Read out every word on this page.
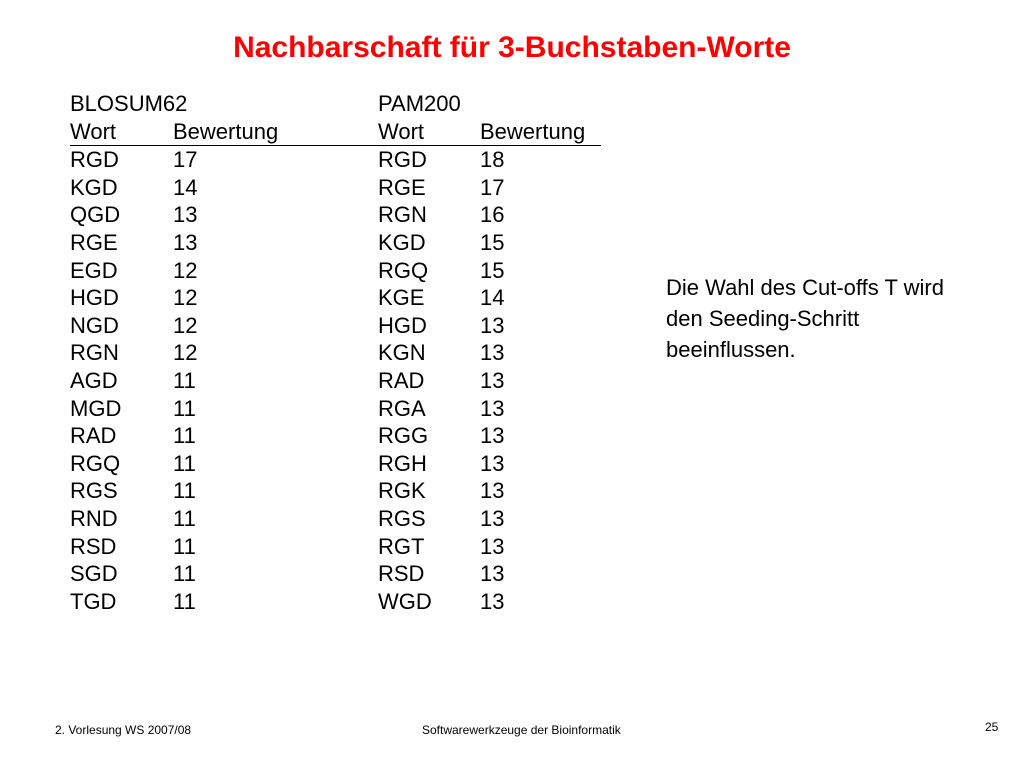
Nachbarschaft für 3-Buchstaben-Worte
BLOSUM62	PAM200
Wort	Bewertung	Wort	Bewertung
RGD 17	RGD 18
KGD	14	RGE 17
QGD 13	RGN 16
RGE	13	KGD 15
EGD	12	RGQ 15
HGD 12	KGE	14
NGD 12	HGD 13
RGN 12	KGN 13
AGD	11	RAD	13
MGD 11	RGA 13
RAD	11	RGG 13
RGQ 11	RGH 13
RGS	11	RGK 13
RND	11	RGS 13
RSD	11	RGT	13
SGD	11	RSD	13
TGD	11	WGD 13
Die Wahl des Cut-offs T wird den Seeding-Schritt beeinflussen.
2. Vorlesung WS 2007/08	Softwarewerkzeuge der Bioinformatik	25
